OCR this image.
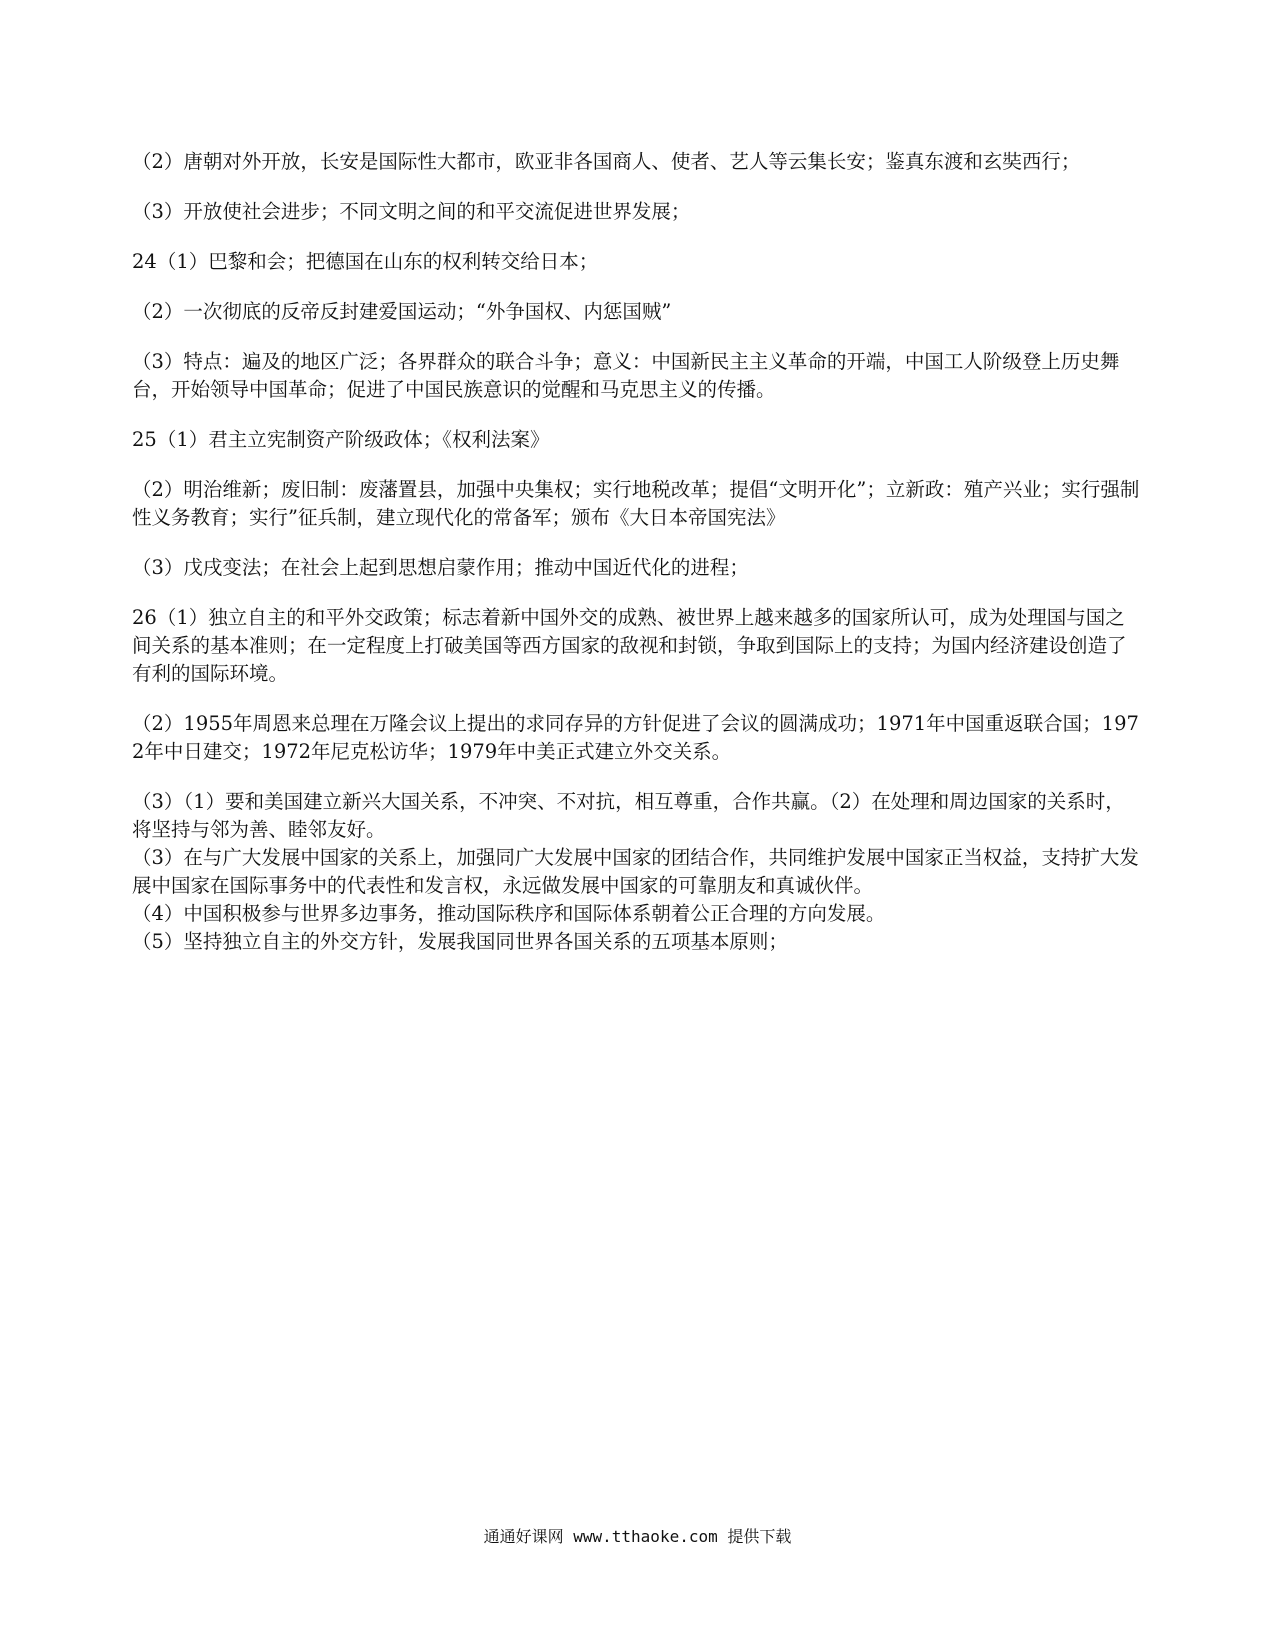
（2）唐朝对外开放，长安是国际性大都市，欧亚非各国商人、使者、艺人等云集长安；鉴真东渡和玄奘西行；

（3）开放使社会进步；不同文明之间的和平交流促进世界发展；

24（1）巴黎和会；把德国在山东的权利转交给日本；

（2）一次彻底的反帝反封建爱国运动；“外争国权、内惩国贼”

（3）特点：遍及的地区广泛；各界群众的联合斗争；意义：中国新民主主义革命的开端，中国工人阶级登上历史舞台，开始领导中国革命；促进了中国民族意识的觉醒和马克思主义的传播。

25（1）君主立宪制资产阶级政体；《权利法案》

（2）明治维新；废旧制：废藩置县，加强中央集权；实行地税改革；提倡“文明开化”；立新政：殖产兴业；实行强制性义务教育；实行”征兵制，建立现代化的常备军；颁布《大日本帝国宪法》

（3）戊戌变法；在社会上起到思想启蒙作用；推动中国近代化的进程；

26（1）独立自主的和平外交政策；标志着新中国外交的成熟、被世界上越来越多的国家所认可，成为处理国与国之间关系的基本准则；在一定程度上打破美国等西方国家的敌视和封锁，争取到国际上的支持；为国内经济建设创造了有利的国际环境。

（2）1955年周恩来总理在万隆会议上提出的求同存异的方针促进了会议的圆满成功；1971年中国重返联合国；1972年中日建交；1972年尼克松访华；1979年中美正式建立外交关系。

（3）（1）要和美国建立新兴大国关系，不冲突、不对抗，相互尊重，合作共赢。（2）在处理和周边国家的关系时，将坚持与邻为善、睦邻友好。

（3）在与广大发展中国家的关系上，加强同广大发展中国家的团结合作，共同维护发展中国家正当权益，支持扩大发展中国家在国际事务中的代表性和发言权，永远做发展中国家的可靠朋友和真诚伙伴。

（4）中国积极参与世界多边事务，推动国际秩序和国际体系朝着公正合理的方向发展。

（5）坚持独立自主的外交方针，发展我国同世界各国关系的五项基本原则；

通通好课网 www.tthaoke.com 提供下载
